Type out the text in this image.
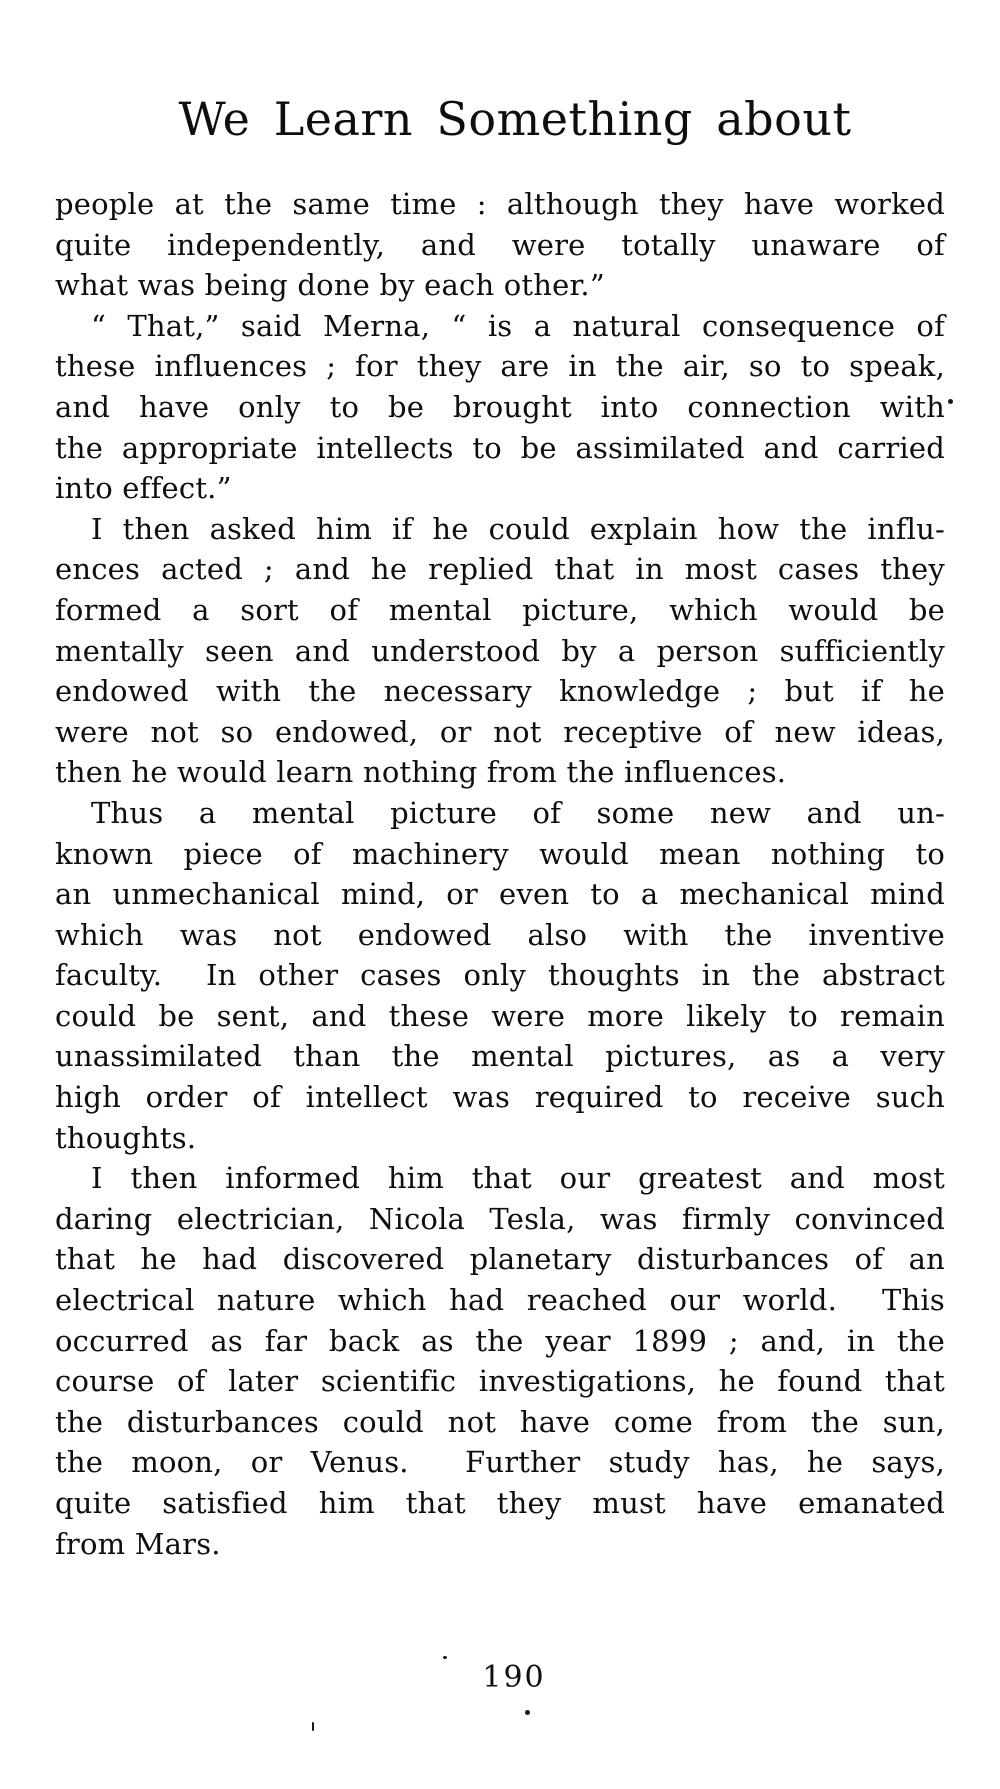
We Learn Something about
people at the same time : although they have worked
quite independently, and were totally unaware of
what was being done by each other.”
“ That,” said Merna, “ is a natural consequence of
these influences ; for they are in the air, so to speak,
and have only to be brought into connection with
the appropriate intellects to be assimilated and carried
into effect.”
I then asked him if he could explain how the influ-
ences acted ; and he replied that in most cases they
formed a sort of mental picture, which would be
mentally seen and understood by a person sufficiently
endowed with the necessary knowledge ; but if he
were not so endowed, or not receptive of new ideas,
then he would learn nothing from the influences.
Thus a mental picture of some new and un-
known piece of machinery would mean nothing to
an unmechanical mind, or even to a mechanical mind
which was not endowed also with the inventive
faculty.  In other cases only thoughts in the abstract
could be sent, and these were more likely to remain
unassimilated than the mental pictures, as a very
high order of intellect was required to receive such
thoughts.
I then informed him that our greatest and most
daring electrician, Nicola Tesla, was firmly convinced
that he had discovered planetary disturbances of an
electrical nature which had reached our world.  This
occurred as far back as the year 1899 ; and, in the
course of later scientific investigations, he found that
the disturbances could not have come from the sun,
the moon, or Venus.  Further study has, he says,
quite satisfied him that they must have emanated
from Mars.
190
